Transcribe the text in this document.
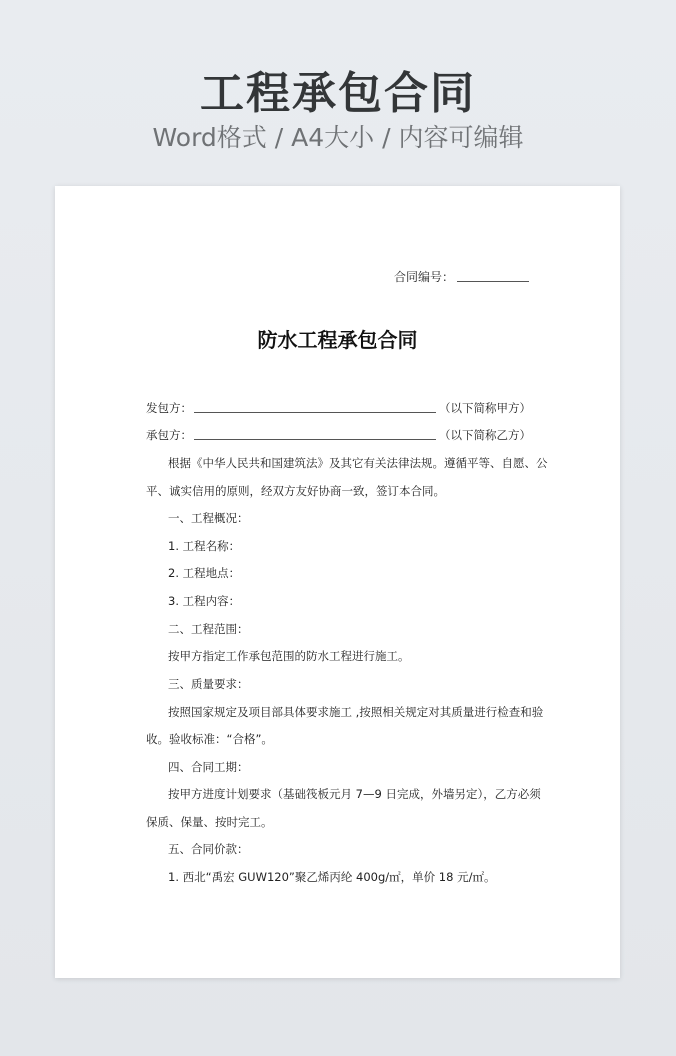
工程承包合同
Word格式 / A4大小 / 内容可编辑
合同编号：
防水工程承包合同
发包方：	（以下简称甲方）
承包方：	（以下简称乙方）
根据《中华人民共和国建筑法》及其它有关法律法规。遵循平等、自愿、公
平、诚实信用的原则，经双方友好协商一致，签订本合同。
一、工程概况：
1. 工程名称：
2. 工程地点：
3. 工程内容：
二、工程范围：
按甲方指定工作承包范围的防水工程进行施工。
三、质量要求：
按照国家规定及项目部具体要求施工 ,按照相关规定对其质量进行检查和验
收。验收标准：“合格”。
四、合同工期：
按甲方进度计划要求（基础筏板元月 7—9 日完成，外墙另定），乙方必须
保质、保量、按时完工。
五、合同价款：
1. 西北“禹宏 GUW120”聚乙烯丙纶 400g/㎡，单价 18 元/㎡。
